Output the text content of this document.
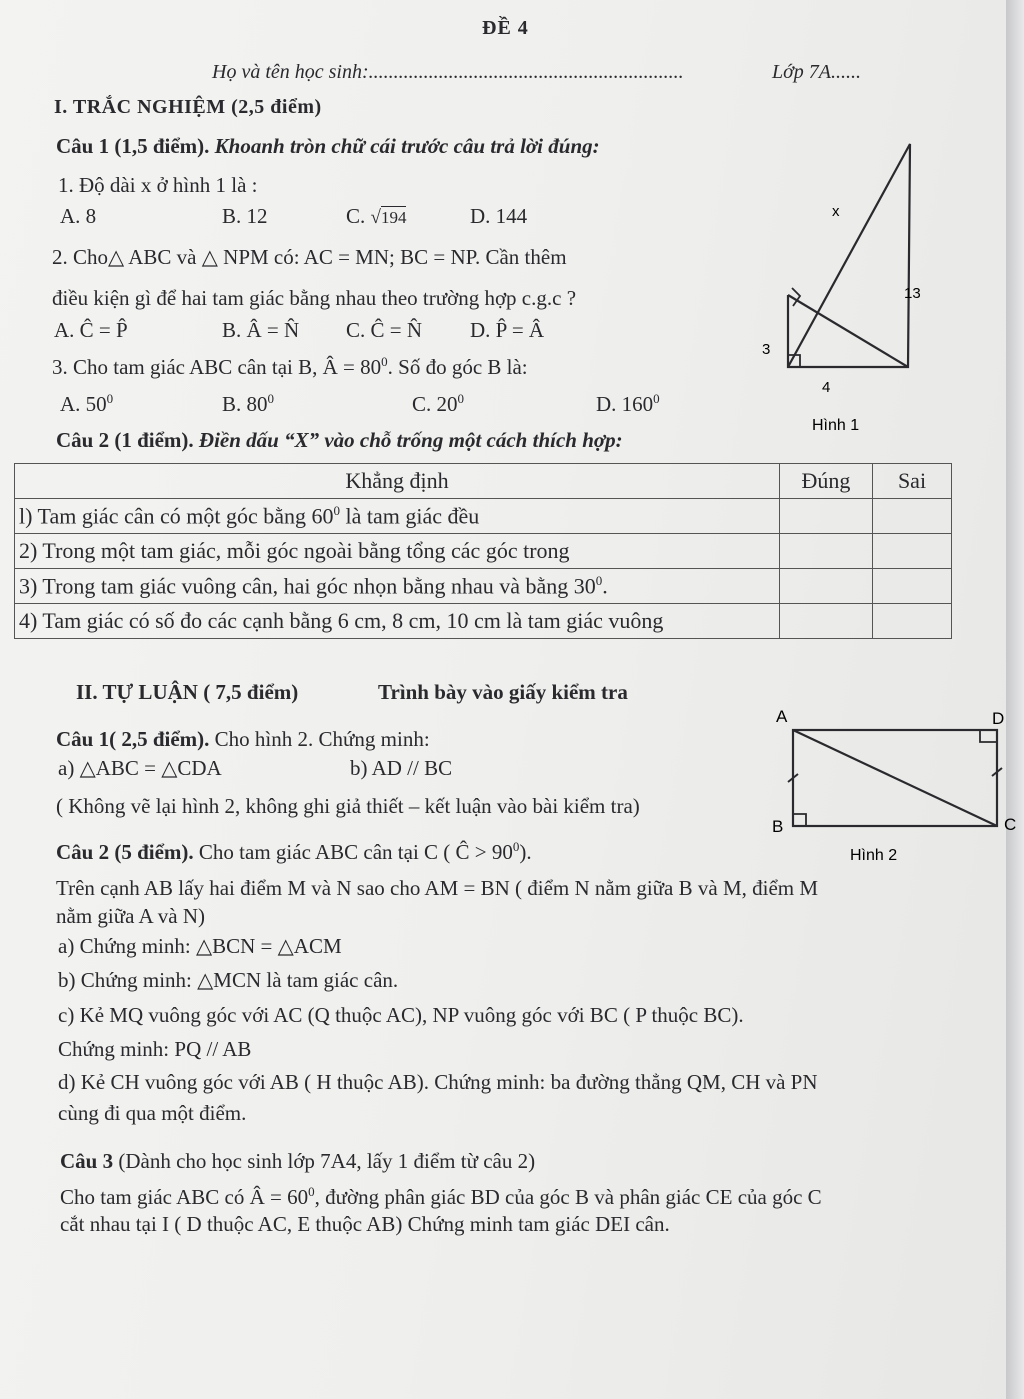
ĐỀ 4
Họ và tên học sinh:...............................................................	Lớp 7A......
I. TRẮC NGHIỆM (2,5 điểm)
Câu 1 (1,5 điểm). Khoanh tròn chữ cái trước câu trả lời đúng:
1. Độ dài x ở hình 1 là :
A. 8	B. 12	C. √194	D. 144
2. Cho△ ABC và △ NPM có: AC = MN; BC = NP. Cần thêm
điều kiện gì để hai tam giác bằng nhau theo trường hợp c.g.c ?
A. Ĉ = P̂	B. Â = N̂ C. Ĉ = N̂ D. P̂ = Â
3. Cho tam giác ABC cân tại B, Â = $80^0$. Số đo góc B là:
A. $50^0$	B. $80^0$	C. $20^0$	D. $160^0$
Câu 2 (1 điểm). Điền dấu “X” vào chỗ trống một cách thích hợp:
x
13
3
4
Hình 1
Khẳng định	Đúng	Sai
l) Tam giác cân có một góc bằng $60^0$ là tam giác đều		
2) Trong một tam giác, mỗi góc ngoài bằng tổng các góc trong		
3) Trong tam giác vuông cân, hai góc nhọn bằng nhau và bằng $30^0$.		
4) Tam giác có số đo các cạnh bằng 6 cm, 8 cm, 10 cm là tam giác vuông		
II. TỰ LUẬN ( 7,5 điểm)	Trình bày vào giấy kiểm tra
Câu 1( 2,5 điểm). Cho hình 2. Chứng minh:
a) △ABC = △CDA	b) AD // BC
( Không vẽ lại hình 2, không ghi giả thiết – kết luận vào bài kiểm tra)
Câu 2 (5 điểm). Cho tam giác ABC cân tại C ( Ĉ > $90^0$).
Trên cạnh AB lấy hai điểm M và N sao cho AM = BN ( điểm N nằm giữa B và M, điểm M
nằm giữa A và N)
a) Chứng minh: △BCN = △ACM
b) Chứng minh: △MCN là tam giác cân.
c) Kẻ MQ vuông góc với AC (Q thuộc AC), NP vuông góc với BC ( P thuộc BC).
Chứng minh: PQ // AB
d) Kẻ CH vuông góc với AB ( H thuộc AB). Chứng minh: ba đường thẳng QM, CH và PN
cùng đi qua một điểm.
Câu 3 (Dành cho học sinh lớp 7A4, lấy 1 điểm từ câu 2)
Cho tam giác ABC có Â = $60^0$, đường phân giác BD của góc B và phân giác CE của góc C
cắt nhau tại I ( D thuộc AC, E thuộc AB) Chứng minh tam giác DEI cân.
A	D
B	C
Hình 2
